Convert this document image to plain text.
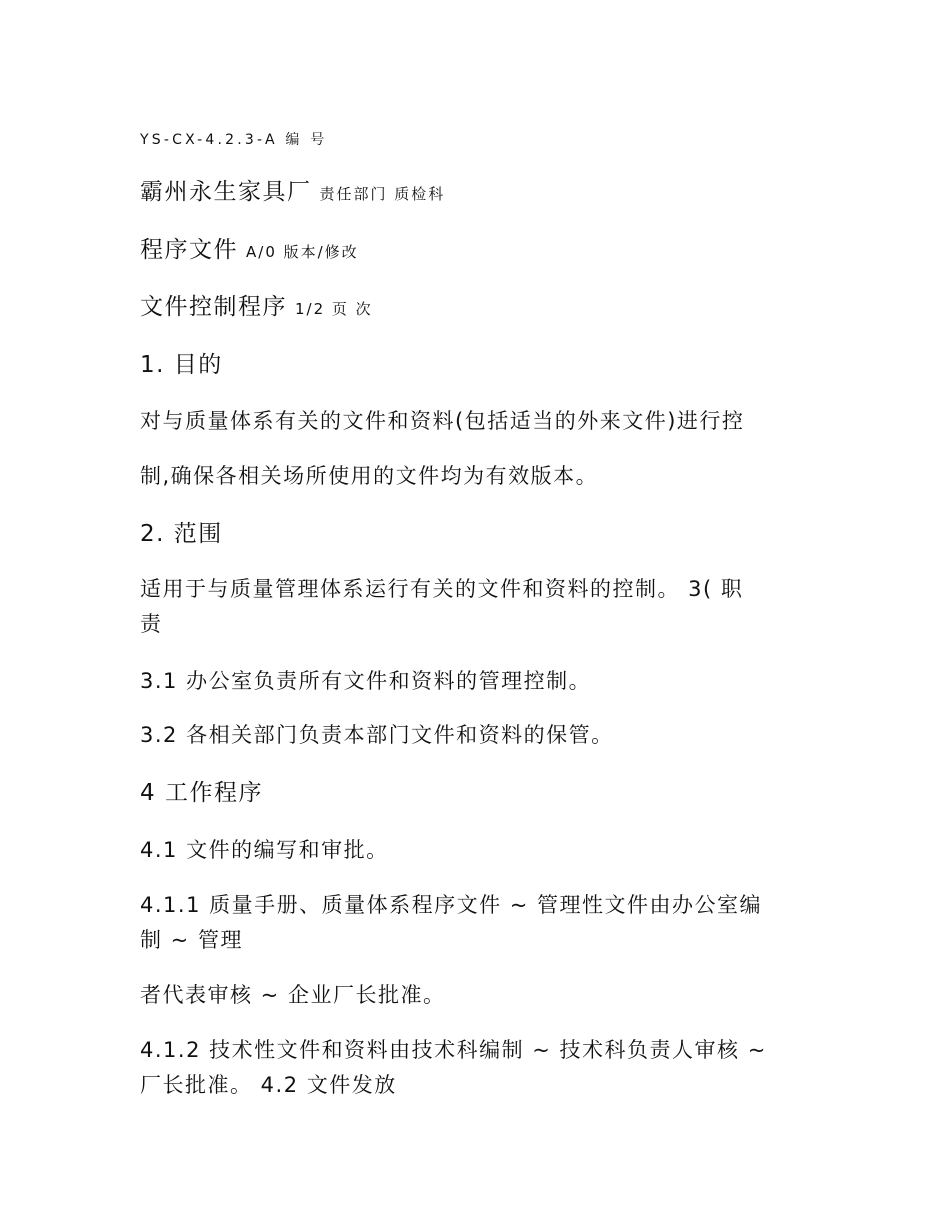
YS-CX-4.2.3-A 编 号
霸州永生家具厂 责任部门 质检科
程序文件 A/0 版本/修改
文件控制程序 1/2 页 次
1. 目的
对与质量体系有关的文件和资料(包括适当的外来文件)进行控
制,确保各相关场所使用的文件均为有效版本。
2. 范围
适用于与质量管理体系运行有关的文件和资料的控制。 3( 职
责
3.1 办公室负责所有文件和资料的管理控制。
3.2 各相关部门负责本部门文件和资料的保管。
4 工作程序
4.1 文件的编写和审批。
4.1.1 质量手册、质量体系程序文件 ~ 管理性文件由办公室编
制 ~ 管理
者代表审核 ~ 企业厂长批准。
4.1.2 技术性文件和资料由技术科编制 ~ 技术科负责人审核 ~
厂长批准。 4.2 文件发放
